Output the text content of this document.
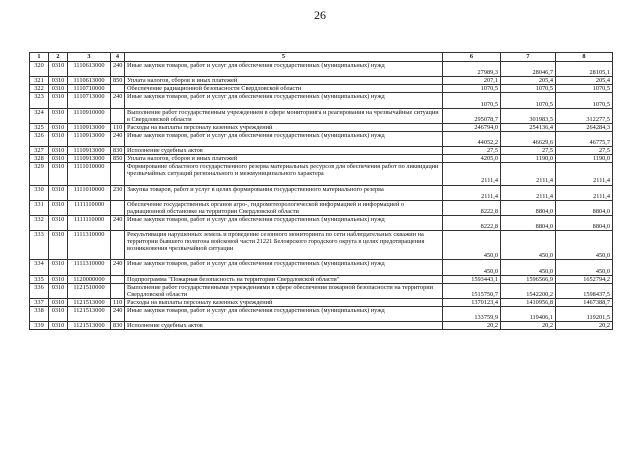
26
1	2	3	4	5	6	7	8
320	0310	1110613000	240	Иные закупки товаров, работ и услуг для обеспечения государственных (муниципальных) нужд	27989,3	28046,7	28105,1
321	0310	1110613000	850	Уплата налогов, сборов и иных платежей	207,1	205,4	205,4
322	0310	1110710000		Обеспечение радиационной безопасности Свердловской области	1070,5	1070,5	1070,5
323	0310	1110713000	240	Иные закупки товаров, работ и услуг для обеспечения государственных (муниципальных) нужд	1070,5	1070,5	1070,5
324	0310	1110910000		Выполнение работ государственным учреждением в сфере мониторинга и реагирования на чрезвычайные ситуации в Свердловской области	295078,7	301983,5	312277,5
325	0310	1110913000	110	Расходы на выплаты персоналу казенных учреждений	246794,0	254136,4	264284,3
326	0310	1110913000	240	Иные закупки товаров, работ и услуг для обеспечения государственных (муниципальных) нужд	44052,2	46629,6	46775,7
327	0310	1110913000	830	Исполнение судебных актов	27,5	27,5	27,5
328	0310	1110913000	850	Уплата налогов, сборов и иных платежей	4205,0	1190,0	1190,0
329	0310	1111010000		Формирование областного государственного резерва материальных ресурсов для обеспечения работ по ликвидации чрезвычайных ситуаций регионального и межмуниципального характера	2111,4	2111,4	2111,4
330	0310	1111010000	230	Закупка товаров, работ и услуг в целях формирования государственного материального резерва	2111,4	2111,4	2111,4
331	0310	1111110000		Обеспечение государственных органов агро-, гидрометеорологической информацией и информацией о радиационной обстановке на территории Свердловской области	8222,8	8804,0	8804,0
332	0310	1111110000	240	Иные закупки товаров, работ и услуг для обеспечения государственных (муниципальных) нужд	8222,8	8804,0	8804,0
333	0310	1111310000		Рекультивация нарушенных земель и проведение сезонного мониторинга по сети наблюдательных скважин на территории бывшего полигона войсковой части 21221 Белоярского городского округа в целях предотвращения возникновения чрезвычайной ситуации	450,0	450,0	450,0
334	0310	1111310000	240	Иные закупки товаров, работ и услуг для обеспечения государственных (муниципальных) нужд	450,0	450,0	450,0
335	0310	1120000000		Подпрограмма "Пожарная безопасность на территории Свердловской области"	1593443,1	1596566,9	1652794,2
336	0310	1121510000		Выполнение работ государственными учреждениями в сфере обеспечения пожарной безопасности на территории Свердловской области	1515750,7	1542200,2	1598437,5
337	0310	1121513000	110	Расходы на выплаты персоналу казенных учреждений	1370123,4	1410956,8	1467388,7
338	0310	1121513000	240	Иные закупки товаров, работ и услуг для обеспечения государственных (муниципальных) нужд	133759,9	119406,1	119201,5
339	0310	1121513000	830	Исполнение судебных актов	20,2	20,2	20,2
